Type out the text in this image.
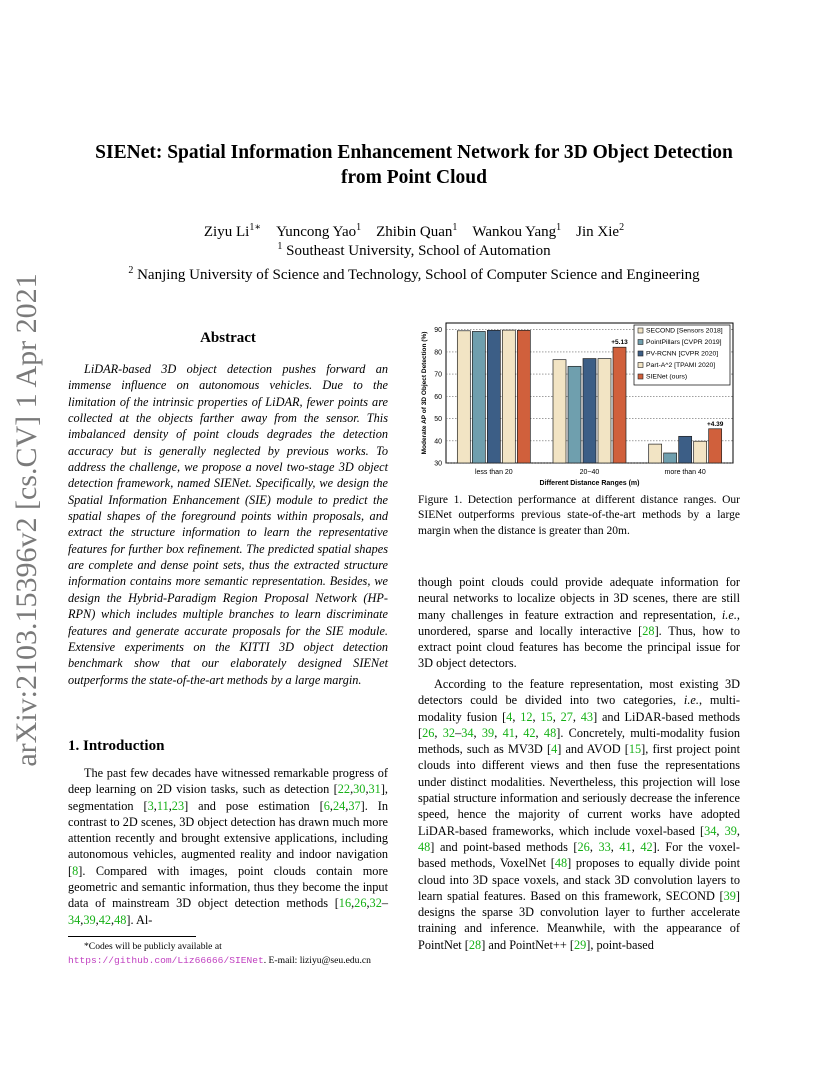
arXiv:2103.15396v2 [cs.CV] 1 Apr 2021
SIENet: Spatial Information Enhancement Network for 3D Object Detection
from Point Cloud
Ziyu $Li^{1∗}$  Yuncong Yao$^1$  Zhibin Quan$^1$  Wankou Yang$^1$  Jin Xie$^2$
$^1$ Southeast University, School of Automation
$^2$ Nanjing University of Science and Technology, School of Computer Science and Engineering
Abstract
LiDAR-based 3D object detection pushes forward an immense influence on autonomous vehicles. Due to the limitation of the intrinsic properties of LiDAR, fewer points are collected at the objects farther away from the sensor. This imbalanced density of point clouds degrades the detection accuracy but is generally neglected by previous works. To address the challenge, we propose a novel two-stage 3D object detection framework, named SIENet. Specifically, we design the Spatial Information Enhancement (SIE) module to predict the spatial shapes of the foreground points within proposals, and extract the structure information to learn the representative features for further box refinement. The predicted spatial shapes are complete and dense point sets, thus the extracted structure information contains more semantic representation. Besides, we design the Hybrid-Paradigm Region Proposal Network (HP-RPN) which includes multiple branches to learn discriminate features and generate accurate proposals for the SIE module. Extensive experiments on the KITTI 3D object detection benchmark show that our elaborately designed SIENet outperforms the state-of-the-art methods by a large margin.
1. Introduction
The past few decades have witnessed remarkable progress of deep learning on 2D vision tasks, such as detection [22,30,31], segmentation [3,11,23] and pose estimation [6,24,37]. In contrast to 2D scenes, 3D object detection has drawn much more attention recently and brought extensive applications, including autonomous vehicles, augmented reality and indoor navigation [8]. Compared with images, point clouds contain more geometric and semantic information, thus they become the input data of mainstream 3D object detection methods [16,26,32–34,39,42,48]. Al-
*Codes will be publicly available at https://github.com/Liz66666/SIENet. E-mail: liziyu@seu.edu.cn
30
40
50
60
70
80
90
Moderate AP of 3D Object Detection (%)
less than 20	20~40	more than 40
+5.13
+4.39
Different Distance Ranges (m)
SECOND [Sensors 2018]
PointPillars [CVPR 2019]
PV-RCNN [CVPR 2020]
Part-A^2 [TPAMI 2020]
SIENet (ours)
Figure 1. Detection performance at different distance ranges. Our SIENet outperforms previous state-of-the-art methods by a large margin when the distance is greater than 20m.
though point clouds could provide adequate information for neural networks to localize objects in 3D scenes, there are still many challenges in feature extraction and representation, i.e., unordered, sparse and locally interactive [28]. Thus, how to extract point cloud features has become the principal issue for 3D object detectors.
According to the feature representation, most existing 3D detectors could be divided into two categories, i.e., multi-modality fusion [4, 12, 15, 27, 43] and LiDAR-based methods [26, 32–34, 39, 41, 42, 48]. Concretely, multi-modality fusion methods, such as MV3D [4] and AVOD [15], first project point clouds into different views and then fuse the representations under distinct modalities. Nevertheless, this projection will lose spatial structure information and seriously decrease the inference speed, hence the majority of current works have adopted LiDAR-based frameworks, which include voxel-based [34, 39, 48] and point-based methods [26, 33, 41, 42]. For the voxel-based methods, VoxelNet [48] proposes to equally divide point cloud into 3D space voxels, and stack 3D convolution layers to learn spatial features. Based on this framework, SECOND [39] designs the sparse 3D convolution layer to further accelerate training and inference. Meanwhile, with the appearance of PointNet [28] and PointNet++ [29], point-based
